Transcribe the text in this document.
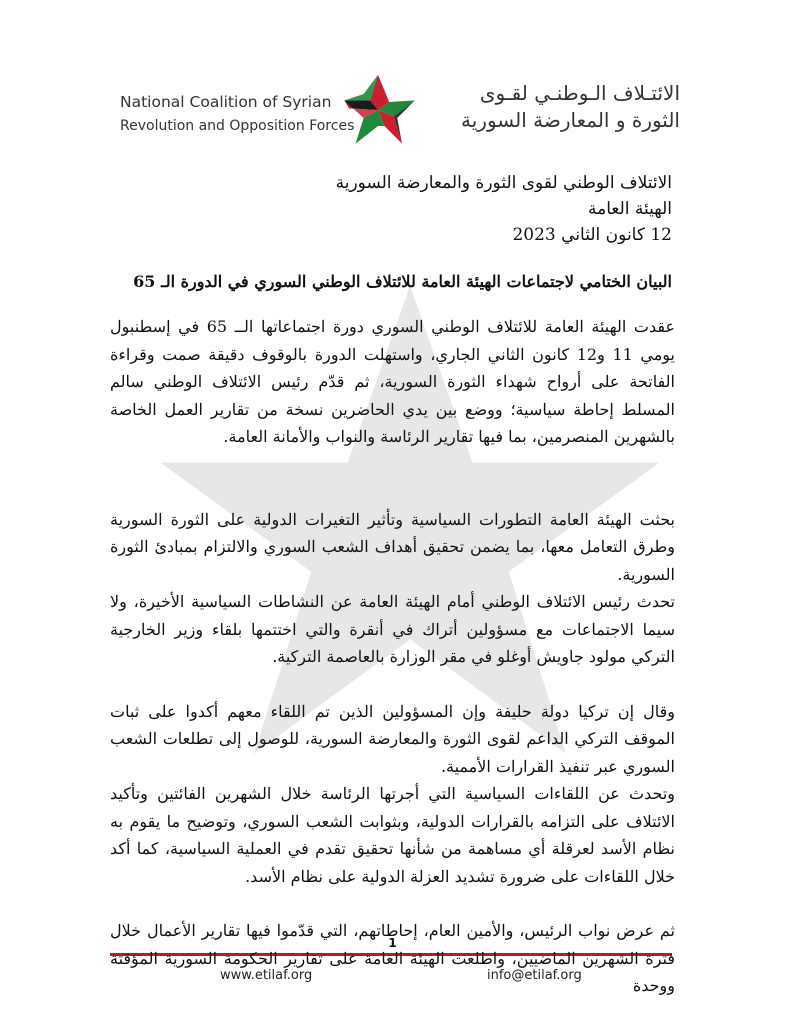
National Coalition of Syrian
Revolution and Opposition Forces
الائتـلاف الـوطنـي لقـوى
الثورة و المعارضة السورية
الائتلاف الوطني لقوى الثورة والمعارضة السورية
الهيئة العامة
12 كانون الثاني 2023
البيان الختامي لاجتماعات الهيئة العامة للائتلاف الوطني السوري في الدورة الـ 65

عقدت الهيئة العامة للائتلاف الوطني السوري دورة اجتماعاتها الــ 65 في إسطنبول يومي 11 و12 كانون الثاني الجاري، واستهلت الدورة بالوقوف دقيقة صمت وقراءة الفاتحة على أرواح شهداء الثورة السورية، ثم قدّم رئيس الائتلاف الوطني سالم المسلط إحاطة سياسية؛ ووضع بين يدي الحاضرين نسخة من تقارير العمل الخاصة بالشهرين المنصرمين، بما فيها تقارير الرئاسة والنواب والأمانة العامة.

بحثت الهيئة العامة التطورات السياسية وتأثير التغيرات الدولية على الثورة السورية وطرق التعامل معها، بما يضمن تحقيق أهداف الشعب السوري والالتزام بمبادئ الثورة السورية.

تحدث رئيس الائتلاف الوطني أمام الهيئة العامة عن النشاطات السياسية الأخيرة، ولا سيما الاجتماعات مع مسؤولين أتراك في أنقرة والتي اختتمها بلقاء وزير الخارجية التركي مولود جاويش أوغلو في مقر الوزارة بالعاصمة التركية.

وقال إن تركيا دولة حليفة وإن المسؤولين الذين تم اللقاء معهم أكدوا على ثبات الموقف التركي الداعم لقوى الثورة والمعارضة السورية، للوصول إلى تطلعات الشعب السوري عبر تنفيذ القرارات الأممية.

وتحدث عن اللقاءات السياسية التي أجرتها الرئاسة خلال الشهرين الفائتين وتأكيد الائتلاف على التزامه بالقرارات الدولية، وبثوابت الشعب السوري، وتوضيح ما يقوم به نظام الأسد لعرقلة أي مساهمة من شأنها تحقيق تقدم في العملية السياسية، كما أكد خلال اللقاءات على ضرورة تشديد العزلة الدولية على نظام الأسد.

ثم عرض نواب الرئيس، والأمين العام، إحاطاتهم، التي قدّموا فيها تقارير الأعمال خلال فترة الشهرين الماضيين، واطلعت الهيئة العامة على تقارير الحكومة السورية المؤقتة ووحدة

1
www.etilaf.org	info@etilaf.org
